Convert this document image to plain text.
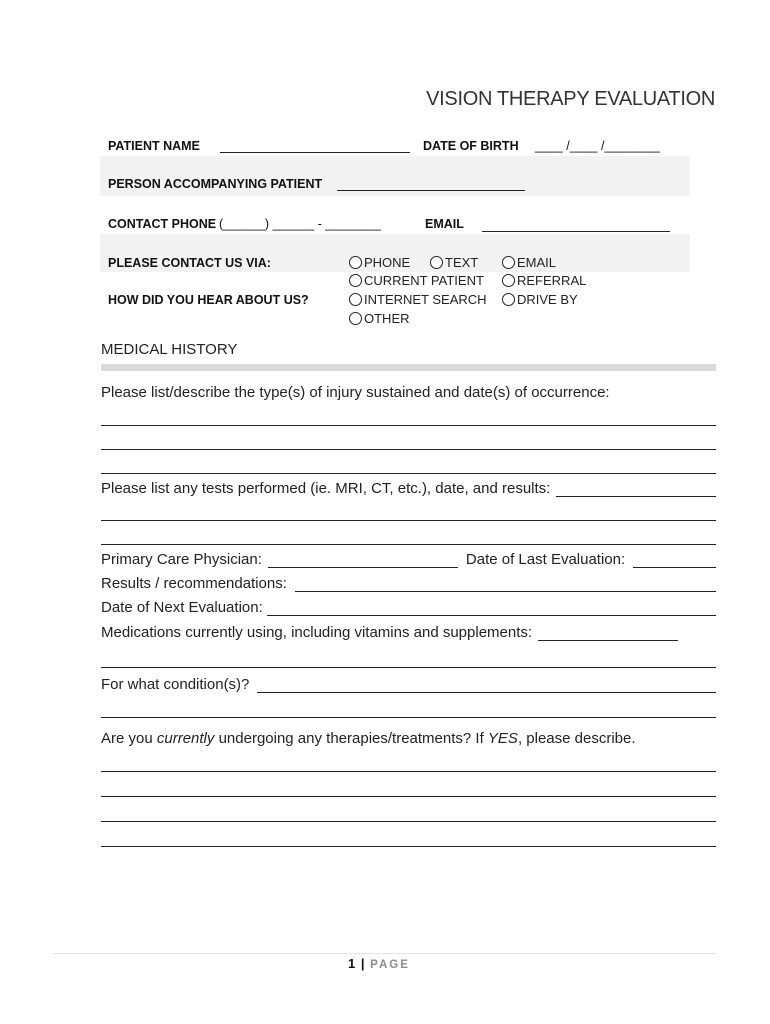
VISION THERAPY EVALUATION
PATIENT NAME	DATE OF BIRTH ____ /____ /________
PERSON ACCOMPANYING PATIENT
CONTACT PHONE (______) ______ - ________	EMAIL
PLEASE CONTACT US VIA:	PHONE	TEXT	EMAIL
HOW DID YOU HEAR ABOUT US?
CURRENT PATIENT	REFERRAL
INTERNET SEARCH DRIVE BY
OTHER
MEDICAL HISTORY
Please list/describe the type(s) of injury sustained and date(s) of occurrence:
Please list any tests performed (ie. MRI, CT, etc.), date, and results:
Primary Care Physician:	Date of Last Evaluation:
Results / recommendations:
Date of Next Evaluation:
Medications currently using, including vitamins and supplements:
For what condition(s)?
Are you currently undergoing any therapies/treatments? If YES, please describe.
1 | PAGE
